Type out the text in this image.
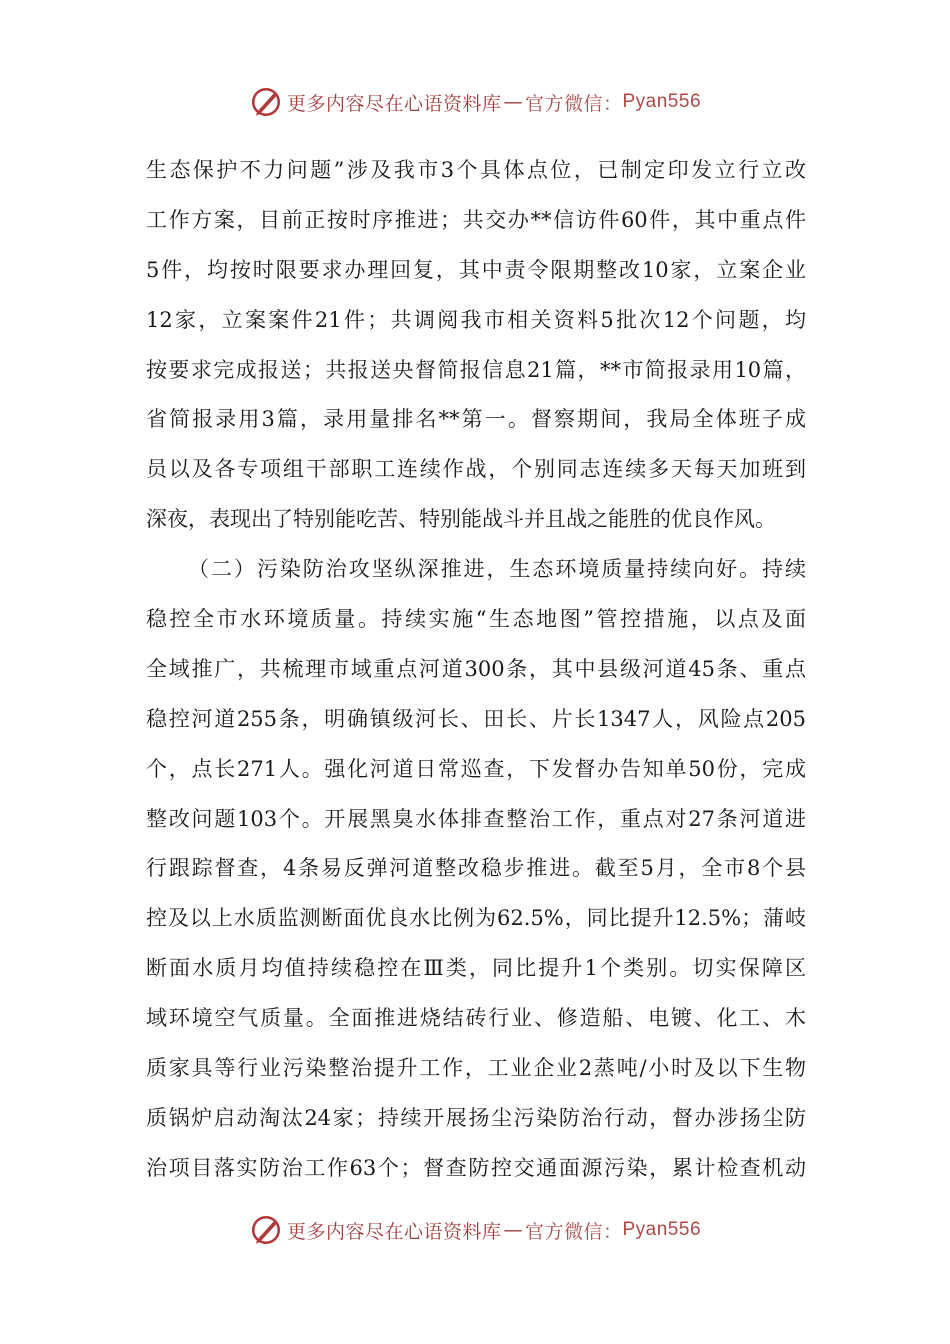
更多内容尽在心语资料库 — 官方微信： Pyan556
生态保护不力问题”涉及我市3个具体点位，已制定印发立行立改
工作方案，目前正按时序推进；共交办**信访件60件，其中重点件
5件，均按时限要求办理回复，其中责令限期整改10家，立案企业
12家，立案案件21件；共调阅我市相关资料5批次12个问题，均
按要求完成报送；共报送央督简报信息21篇，**市简报录用10篇，
省简报录用3篇，录用量排名**第一。督察期间，我局全体班子成
员以及各专项组干部职工连续作战，个别同志连续多天每天加班到
深夜，表现出了特别能吃苦、特别能战斗并且战之能胜的优良作风。
（二）污染防治攻坚纵深推进，生态环境质量持续向好。持续
稳控全市水环境质量。持续实施“生态地图”管控措施，以点及面
全域推广，共梳理市域重点河道300条，其中县级河道45条、重点
稳控河道255条，明确镇级河长、田长、片长1347人，风险点205
个，点长271人。强化河道日常巡查，下发督办告知单50份，完成
整改问题103个。开展黑臭水体排查整治工作，重点对27条河道进
行跟踪督查，4条易反弹河道整改稳步推进。截至5月，全市8个县
控及以上水质监测断面优良水比例为62.5%，同比提升12.5%；蒲岐
断面水质月均值持续稳控在Ⅲ类，同比提升1个类别。切实保障区
域环境空气质量。全面推进烧结砖行业、修造船、电镀、化工、木
质家具等行业污染整治提升工作，工业企业2蒸吨/小时及以下生物
质锅炉启动淘汰24家；持续开展扬尘污染防治行动，督办涉扬尘防
治项目落实防治工作63个；督查防控交通面源污染，累计检查机动
更多内容尽在心语资料库 — 官方微信： Pyan556
